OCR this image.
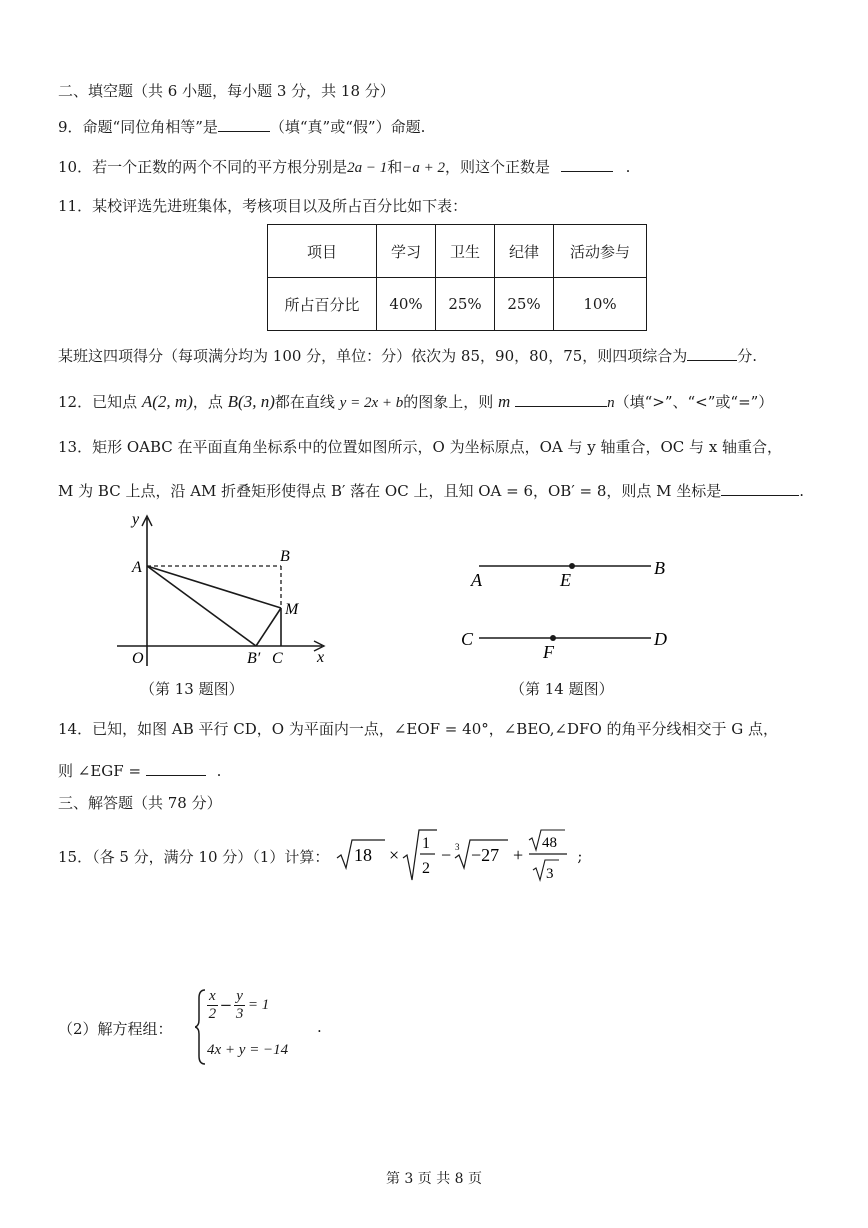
二、填空题（共 6 小题，每小题 3 分，共 18 分）
9．命题“同位角相等”是	（填“真”或“假”）命题.
10．若一个正数的两个不同的平方根分别是2a − 1和−a + 2，则这个正数是	.
11．某校评选先进班集体，考核项目以及所占百分比如下表：
项目	学习	卫生	纪律	活动参与
所占百分比	40%	25%	25%	10%
某班这四项得分（每项满分均为 100 分，单位：分）依次为 85，90，80，75，则四项综合为	分.
12．已知点 A(2, m)，点 B(3, n)都在直线 y = 2x + b的图象上，则 m	n（填“>”、“<”或“=”）
13．矩形 OABC 在平面直角坐标系中的位置如图所示，O 为坐标原点，OA 与 y 轴重合，OC 与 x 轴重合，
M 为 BC 上点，沿 AM 折叠矩形使得点 B′ 落在 OC 上，且知 OA = 6，OB′ = 8，则点 M 坐标是	.
y
x
A
B
O
M
B′ C
（第 13 题图）
A	E
B
C
F
D
（第 14 题图）
14．已知，如图 AB 平行 CD，O 为平面内一点，∠EOF = 40°，∠BEO,∠DFO 的角平分线相交于 G 点，
则 ∠EGF =	.
三、解答题（共 78 分）
15．（各 5 分，满分 10 分）（1）计算： 18 ×
1
2
− 3 −27 +
48
3
;
（2）解方程组：
$\frac{x}{2} - \frac{y}{3} = 1$
4x + y = −14
.
第 3 页 共 8 页
